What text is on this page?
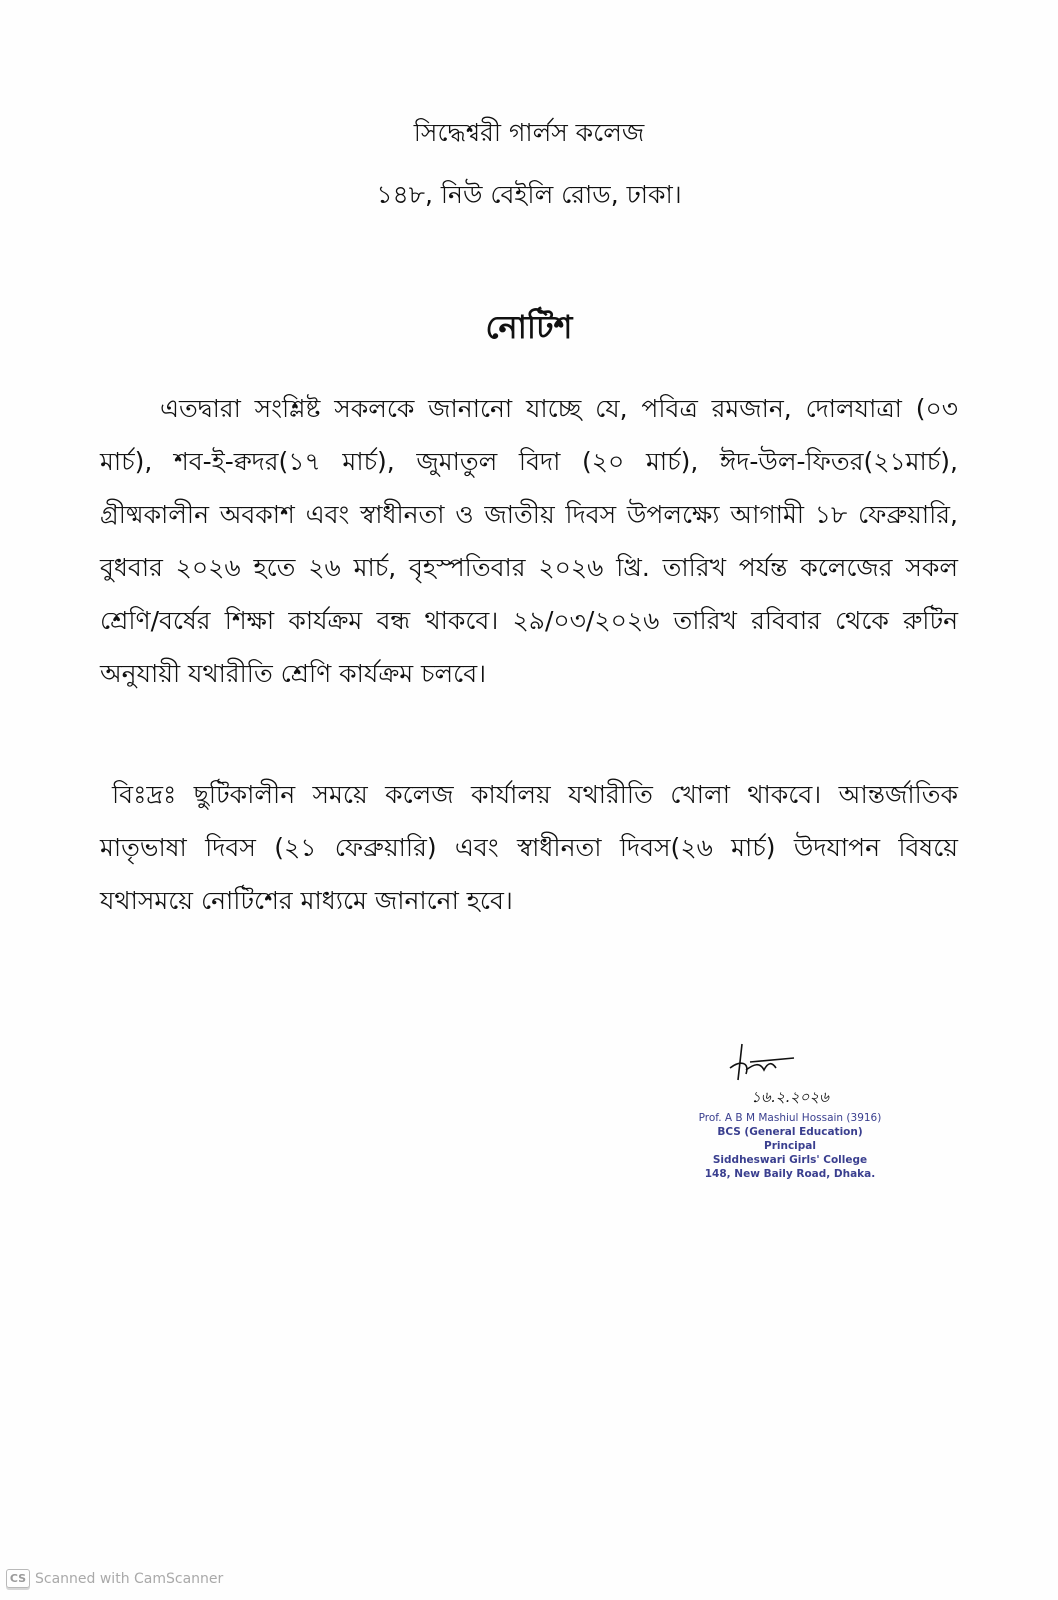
সিদ্ধেশ্বরী গার্লস কলেজ
১৪৮, নিউ বেইলি রোড, ঢাকা।
নোটিশ
এতদ্বারা সংশ্লিষ্ট সকলকে জানানো যাচ্ছে যে, পবিত্র রমজান, দোলযাত্রা (০৩ মার্চ), শব-ই-ক্বদর(১৭ মার্চ), জুমাতুল বিদা (২০ মার্চ), ঈদ-উল-ফিতর(২১মার্চ), গ্রীষ্মকালীন অবকাশ এবং স্বাধীনতা ও জাতীয় দিবস উপলক্ষ্যে আগামী ১৮ ফেব্রুয়ারি, বুধবার ২০২৬ হতে ২৬ মার্চ, বৃহস্পতিবার ২০২৬ খ্রি. তারিখ পর্যন্ত কলেজের সকল শ্রেণি/বর্ষের শিক্ষা কার্যক্রম বন্ধ থাকবে। ২৯/০৩/২০২৬ তারিখ রবিবার থেকে রুটিন অনুযায়ী যথারীতি শ্রেণি কার্যক্রম চলবে।
বিঃদ্রঃ ছুটিকালীন সময়ে কলেজ কার্যালয় যথারীতি খোলা থাকবে। আন্তর্জাতিক মাতৃভাষা দিবস (২১ ফেব্রুয়ারি) এবং স্বাধীনতা দিবস(২৬ মার্চ) উদযাপন বিষয়ে যথাসময়ে নোটিশের মাধ্যমে জানানো হবে।
১৬.২.২০২৬
Prof. A B M Mashiul Hossain (3916)
BCS (General Education)
Principal
Siddheswari Girls' College
148, New Baily Road, Dhaka.
CS Scanned with CamScanner
